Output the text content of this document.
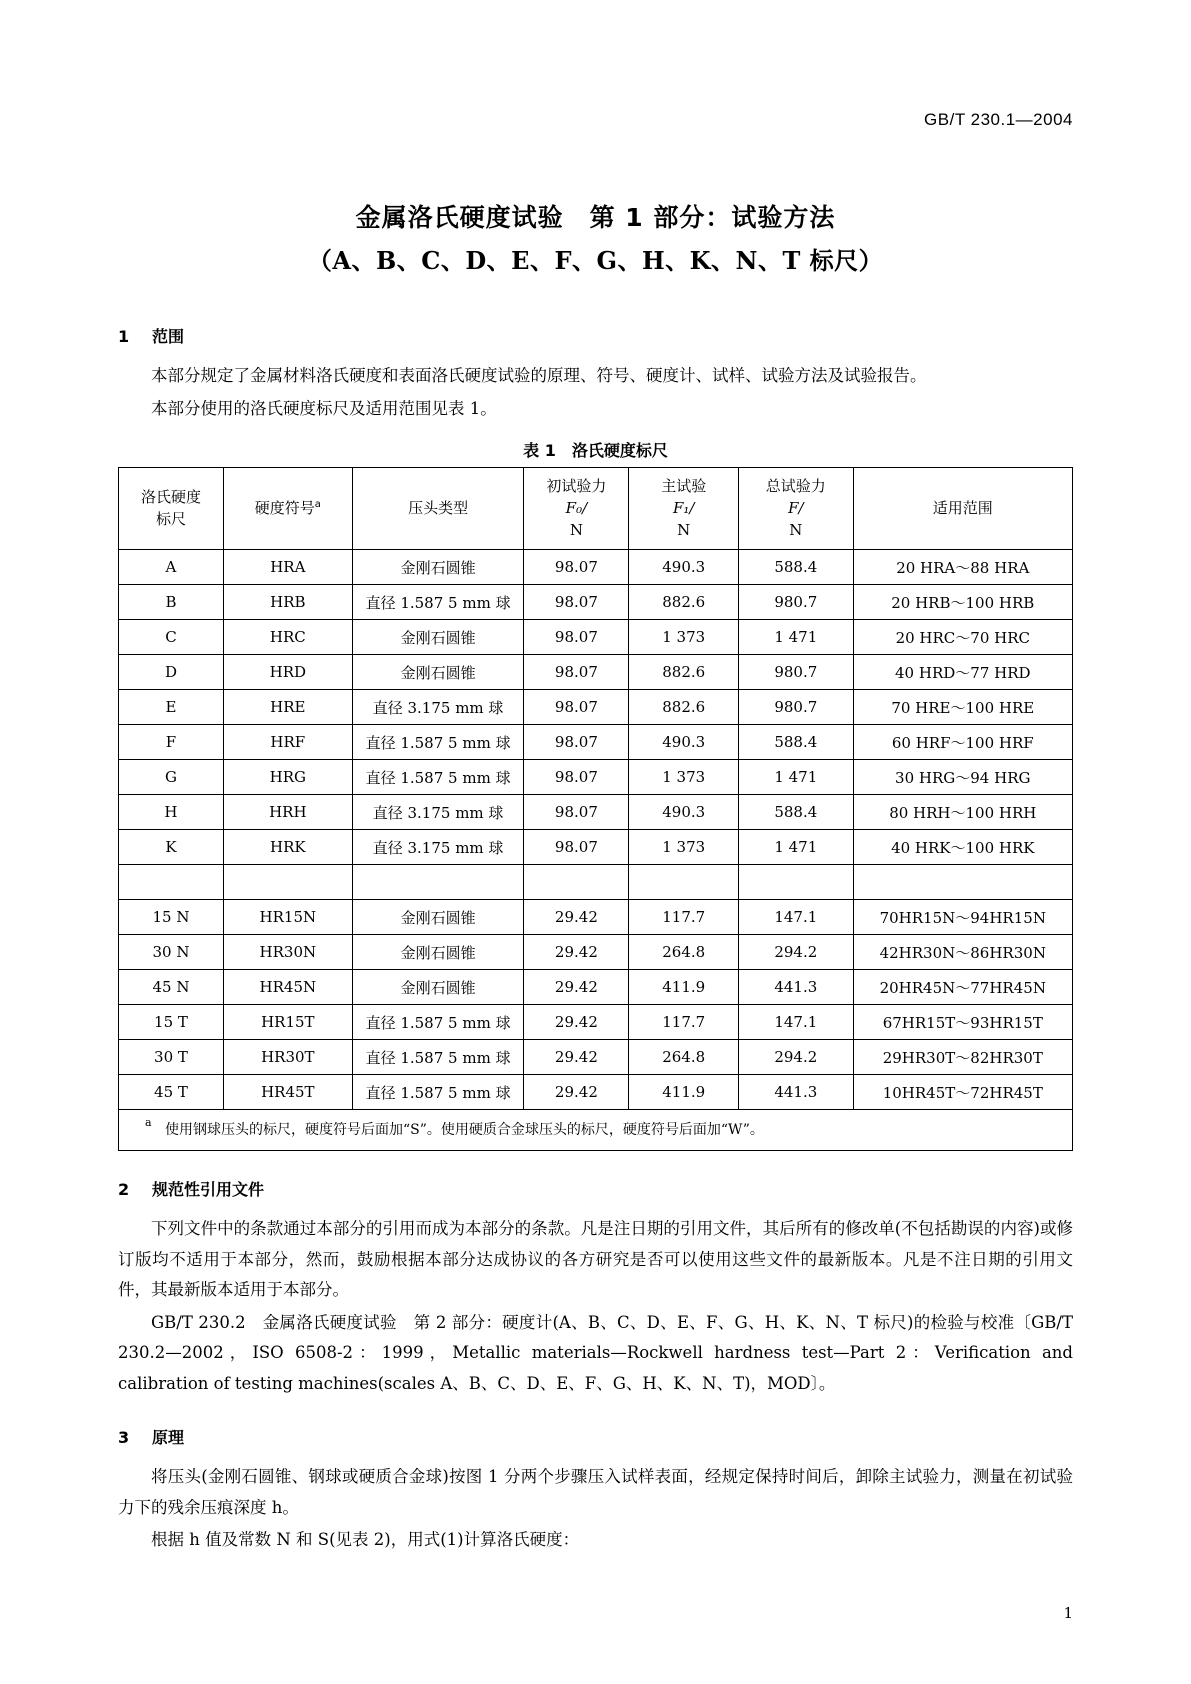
GB/T 230.1—2004
金属洛氏硬度试验　第 1 部分：试验方法
（A、B、C、D、E、F、G、H、K、N、T 标尺）
1 范围

本部分规定了金属材料洛氏硬度和表面洛氏硬度试验的原理、符号、硬度计、试样、试验方法及试验报告。

本部分使用的洛氏硬度标尺及适用范围见表 1。

表 1　洛氏硬度标尺
洛氏硬度
标尺	硬度符号$^a$	压头类型	初试验力
F₀/
N	主试验
F₁/
N	总试验力
F/
N	适用范围
A	HRA	金刚石圆锥	98.07	490.3	588.4	20 HRA～88 HRA
B	HRB	直径 1.587 5 mm 球	98.07	882.6	980.7	20 HRB～100 HRB
C	HRC	金刚石圆锥	98.07	1 373	1 471	20 HRC～70 HRC
D	HRD	金刚石圆锥	98.07	882.6	980.7	40 HRD～77 HRD
E	HRE	直径 3.175 mm 球	98.07	882.6	980.7	70 HRE～100 HRE
F	HRF	直径 1.587 5 mm 球	98.07	490.3	588.4	60 HRF～100 HRF
G	HRG	直径 1.587 5 mm 球	98.07	1 373	1 471	30 HRG～94 HRG
H	HRH	直径 3.175 mm 球	98.07	490.3	588.4	80 HRH～100 HRH
K	HRK	直径 3.175 mm 球	98.07	1 373	1 471	40 HRK～100 HRK

15 N	HR15N	金刚石圆锥	29.42	117.7	147.1	70HR15N～94HR15N
30 N	HR30N	金刚石圆锥	29.42	264.8	294.2	42HR30N～86HR30N
45 N	HR45N	金刚石圆锥	29.42	411.9	441.3	20HR45N～77HR45N
15 T	HR15T	直径 1.587 5 mm 球	29.42	117.7	147.1	67HR15T～93HR15T
30 T	HR30T	直径 1.587 5 mm 球	29.42	264.8	294.2	29HR30T～82HR30T
45 T	HR45T	直径 1.587 5 mm 球	29.42	411.9	441.3	10HR45T～72HR45T

a 使用钢球压头的标尺，硬度符号后面加“S”。使用硬质合金球压头的标尺，硬度符号后面加“W”。						
2 规范性引用文件

下列文件中的条款通过本部分的引用而成为本部分的条款。凡是注日期的引用文件，其后所有的修改单(不包括勘误的内容)或修订版均不适用于本部分，然而，鼓励根据本部分达成协议的各方研究是否可以使用这些文件的最新版本。凡是不注日期的引用文件，其最新版本适用于本部分。

GB/T 230.2　金属洛氏硬度试验　第 2 部分：硬度计(A、B、C、D、E、F、G、H、K、N、T 标尺)的检验与校准〔GB/T 230.2—2002，ISO 6508-2：1999，Metallic materials—Rockwell hardness test—Part 2：Verification and calibration of testing machines(scales A、B、C、D、E、F、G、H、K、N、T)，MOD〕。

3 原理

将压头(金刚石圆锥、钢球或硬质合金球)按图 1 分两个步骤压入试样表面，经规定保持时间后，卸除主试验力，测量在初试验力下的残余压痕深度 h。

根据 h 值及常数 N 和 S(见表 2)，用式(1)计算洛氏硬度：

1
